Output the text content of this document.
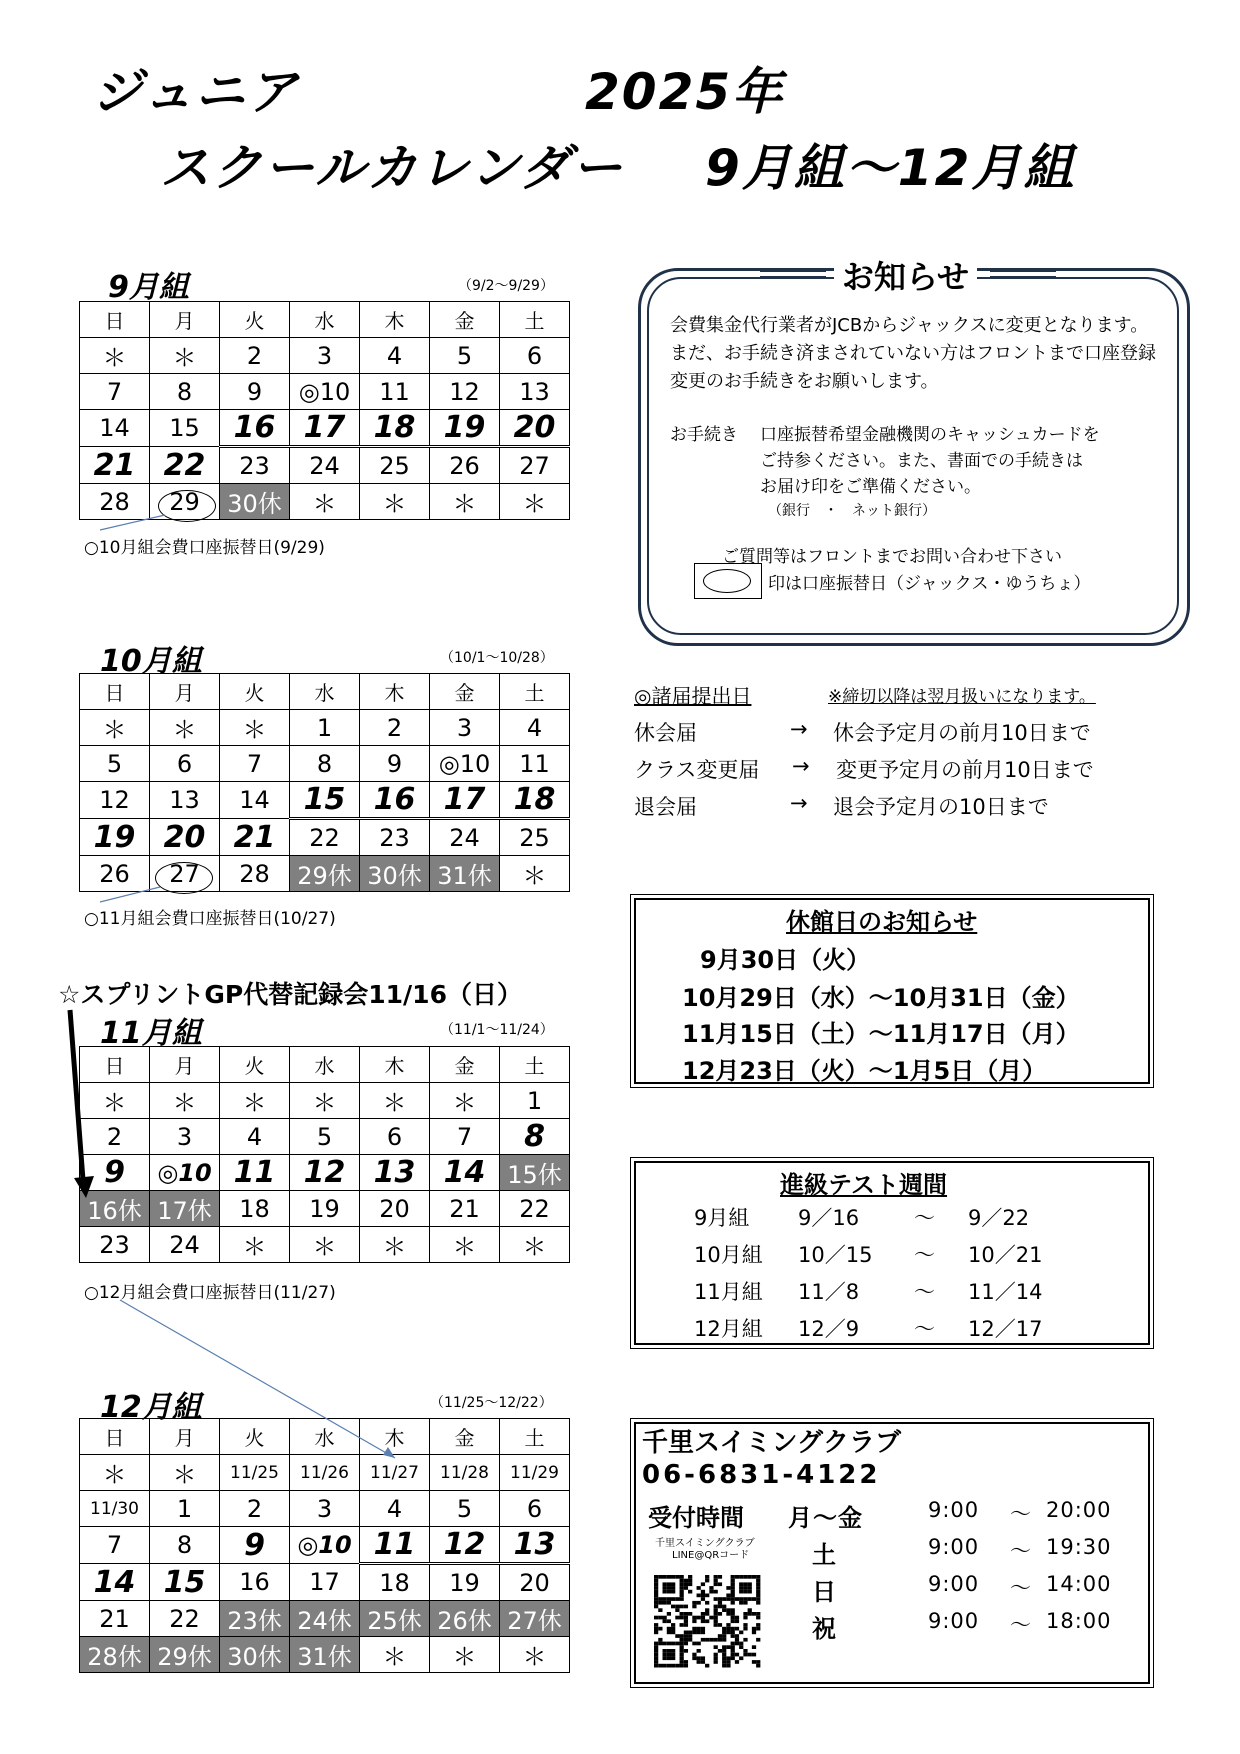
ジュニア	2025年
スクールカレンダー 9月組～12月組
9月組	（9/2～9/29）
10月組	（10/1～10/28）
☆スプリントGP代替記録会11/16（日）
11月組	（11/1～11/24）
12月組	（11/25～12/22）
日	月	火	水	木	金	土
＊	＊	2	3	4	5	6
7	8	9	◎10	11	12	13
14	15	16	17	18	19	20
21	22	23	24	25	26	27
28	29	30休	＊	＊	＊	＊
日	月	火	水	木	金	土
＊	＊	＊	1	2	3	4
5	6	7	8	9	◎10	11
12	13	14	15	16	17	18
19	20	21	22	23	24	25
26	27	28	29休	30休	31休	＊
日	月	火	水	木	金	土
＊	＊	＊	＊	＊	＊	1
2	3	4	5	6	7	8
9	◎10	11	12	13	14	15休
16休	17休	18	19	20	21	22
23	24	＊	＊	＊	＊	＊
日	月	火	水	木	金	土
＊	＊	11/25	11/26	11/27	11/28	11/29
11/30	1	2	3	4	5	6
7	8	9	◎10	11	12	13
14	15	16	17	18	19	20
21	22	23休	24休	25休	26休	27休
28休	29休	30休	31休	＊	＊	＊
○10月組会費口座振替日(9/29)
○11月組会費口座振替日(10/27)
○12月組会費口座振替日(11/27)
お知らせ
会費集金代行業者がJCBからジャックスに変更となります。まだ、お手続き済まされていない方はフロントまで口座登録変更のお手続きをお願いします。
お手続き 口座振替希望金融機関のキャッシュカードを
ご持参ください。また、書面での手続きは
お届け印をご準備ください。
（銀行　・　ネット銀行）
ご質問等はフロントまでお問い合わせ下さい
印は口座振替日（ジャックス・ゆうちょ）
◎諸届提出日	※締切以降は翌月扱いになります。
休会届	→ 休会予定月の前月10日まで
クラス変更届 → 変更予定月の前月10日まで
退会届	→ 退会予定月の10日まで
休館日のお知らせ
9月30日（火）
10月29日（水）～10月31日（金）
11月15日（土）～11月17日（月）
12月23日（火）～1月5日（月）
進級テスト週間
9月組 9／16	～ 9／22
10月組 10／15 ～ 10／21
11月組 11／8	～ 11／14
12月組 12／9	～ 12／17
千里スイミングクラブ
06-6831-4122
受付時間
千里スイミングクラブ
LINE@QRコード
月～金	9:00 ～ 20:00
土	9:00 ～ 19:30
日	9:00 ～ 14:00
祝	9:00 ～ 18:00
